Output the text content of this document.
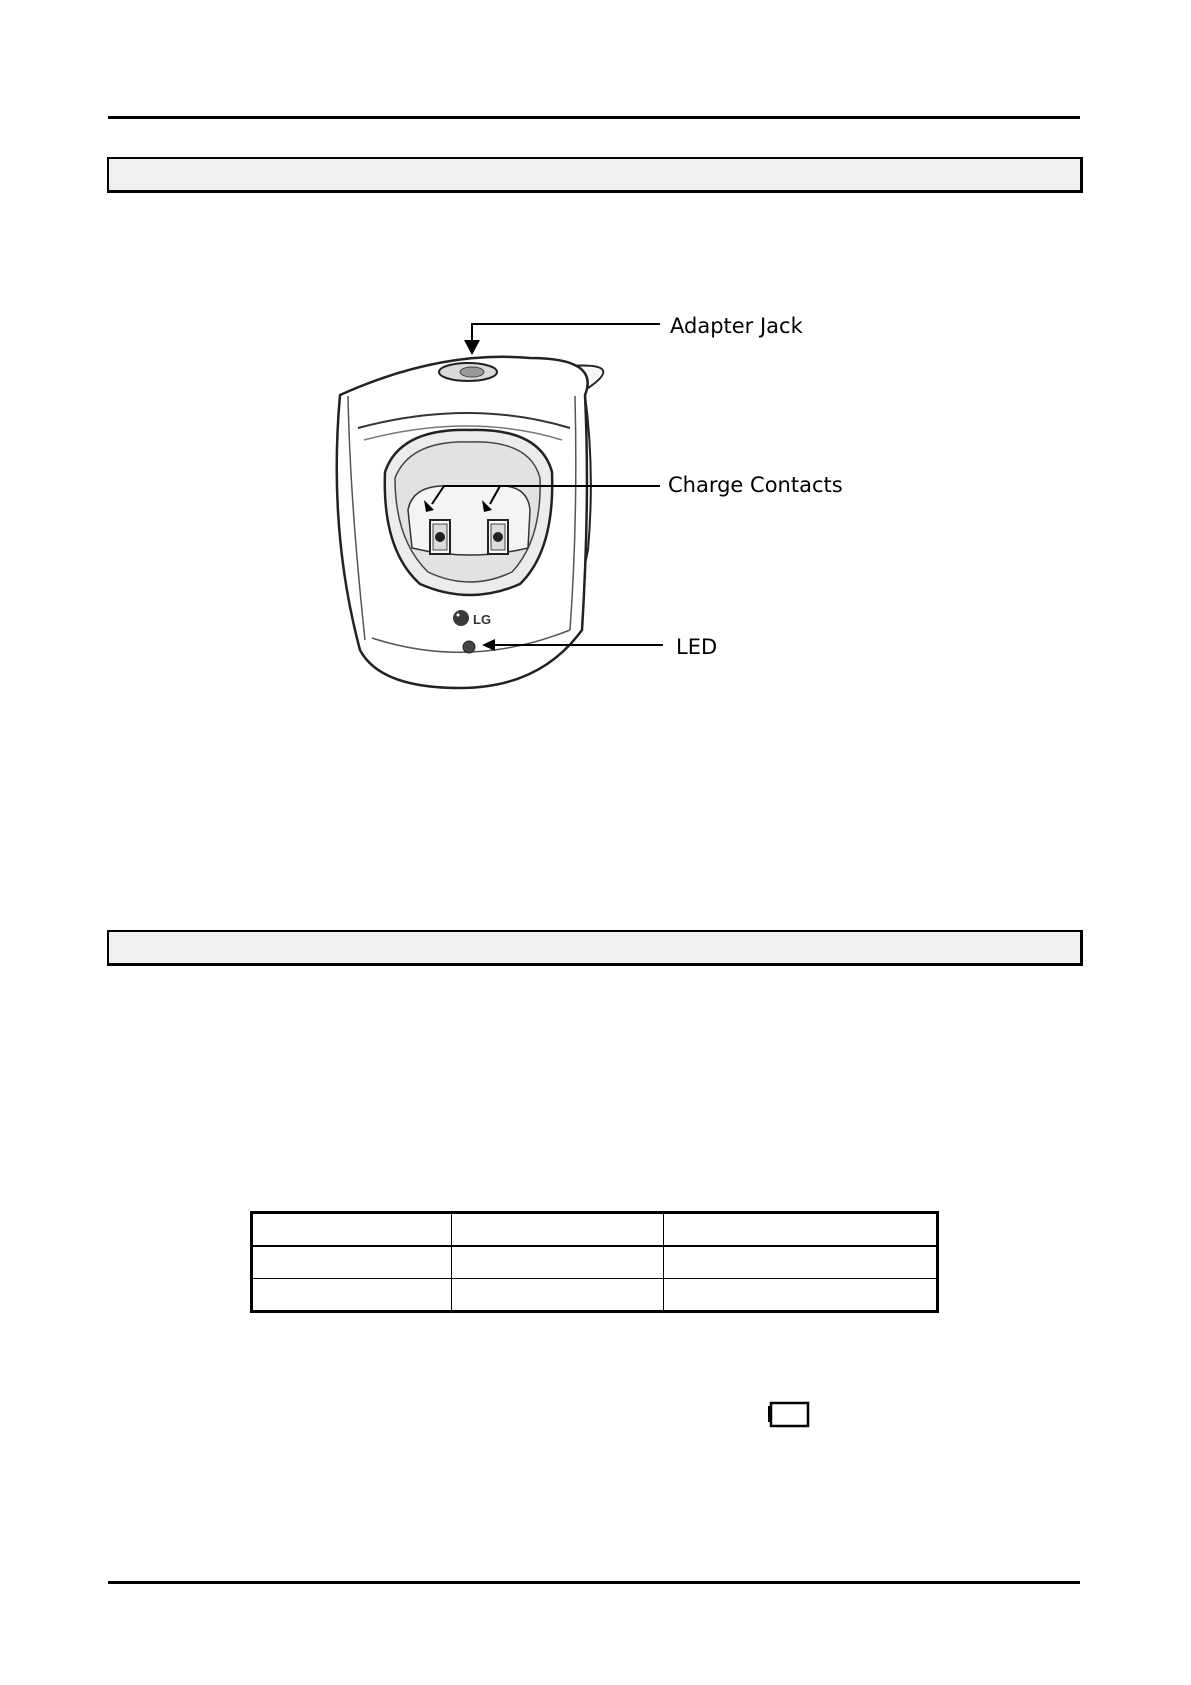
LG
Adapter Jack
Charge Contacts
LED
